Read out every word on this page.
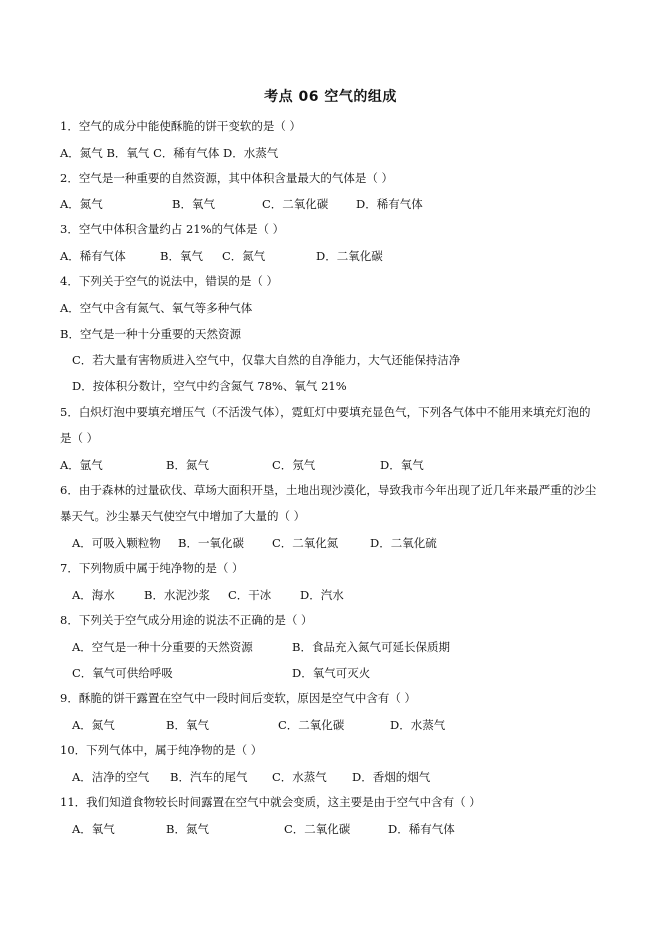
考点 06 空气的组成
1．空气的成分中能使酥脆的饼干变软的是（ ）
A．氮气 B．氧气 C．稀有气体 D．水蒸气
2．空气是一种重要的自然资源，其中体积含量最大的气体是（ ）
A．氮气	B．氧气	C．二氧化碳 D．稀有气体
3．空气中体积含量约占 21%的气体是（ ）
A．稀有气体	B．氧气 C．氮气	D．二氧化碳
4．下列关于空气的说法中，错误的是（ ）
A．空气中含有氮气、氧气等多种气体
B．空气是一种十分重要的天然资源
C．若大量有害物质进入空气中，仅靠大自然的自净能力，大气还能保持洁净
D．按体积分数计，空气中约含氮气 78%、氧气 21%
5．白炽灯泡中要填充增压气（不活泼气体），霓虹灯中要填充显色气，下列各气体中不能用来填充灯泡的
是（ ）
A．氩气	B．氮气	C．氖气	D．氧气
6．由于森林的过量砍伐、草场大面积开垦，土地出现沙漠化，导致我市今年出现了近几年来最严重的沙尘
暴天气。沙尘暴天气使空气中增加了大量的（ ）
A．可吸入颗粒物 B．一氧化碳 C．二氧化氮	D．二氧化硫
7．下列物质中属于纯净物的是（ ）
A．海水	B．水泥沙浆 C．干冰 D．汽水
8．下列关于空气成分用途的说法不正确的是（ ）
A．空气是一种十分重要的天然资源	B．食品充入氮气可延长保质期
C．氧气可供给呼吸	D．氧气可灭火
9．酥脆的饼干露置在空气中一段时间后变软，原因是空气中含有（ ）
A．氮气	B．氧气	C．二氧化碳	D．水蒸气
10．下列气体中，属于纯净物的是（ ）
A．洁净的空气 B．汽车的尾气 C．水蒸气 D．香烟的烟气
11．我们知道食物较长时间露置在空气中就会变质，这主要是由于空气中含有（ ）
A．氧气	B．氮气	C．二氧化碳	D．稀有气体
